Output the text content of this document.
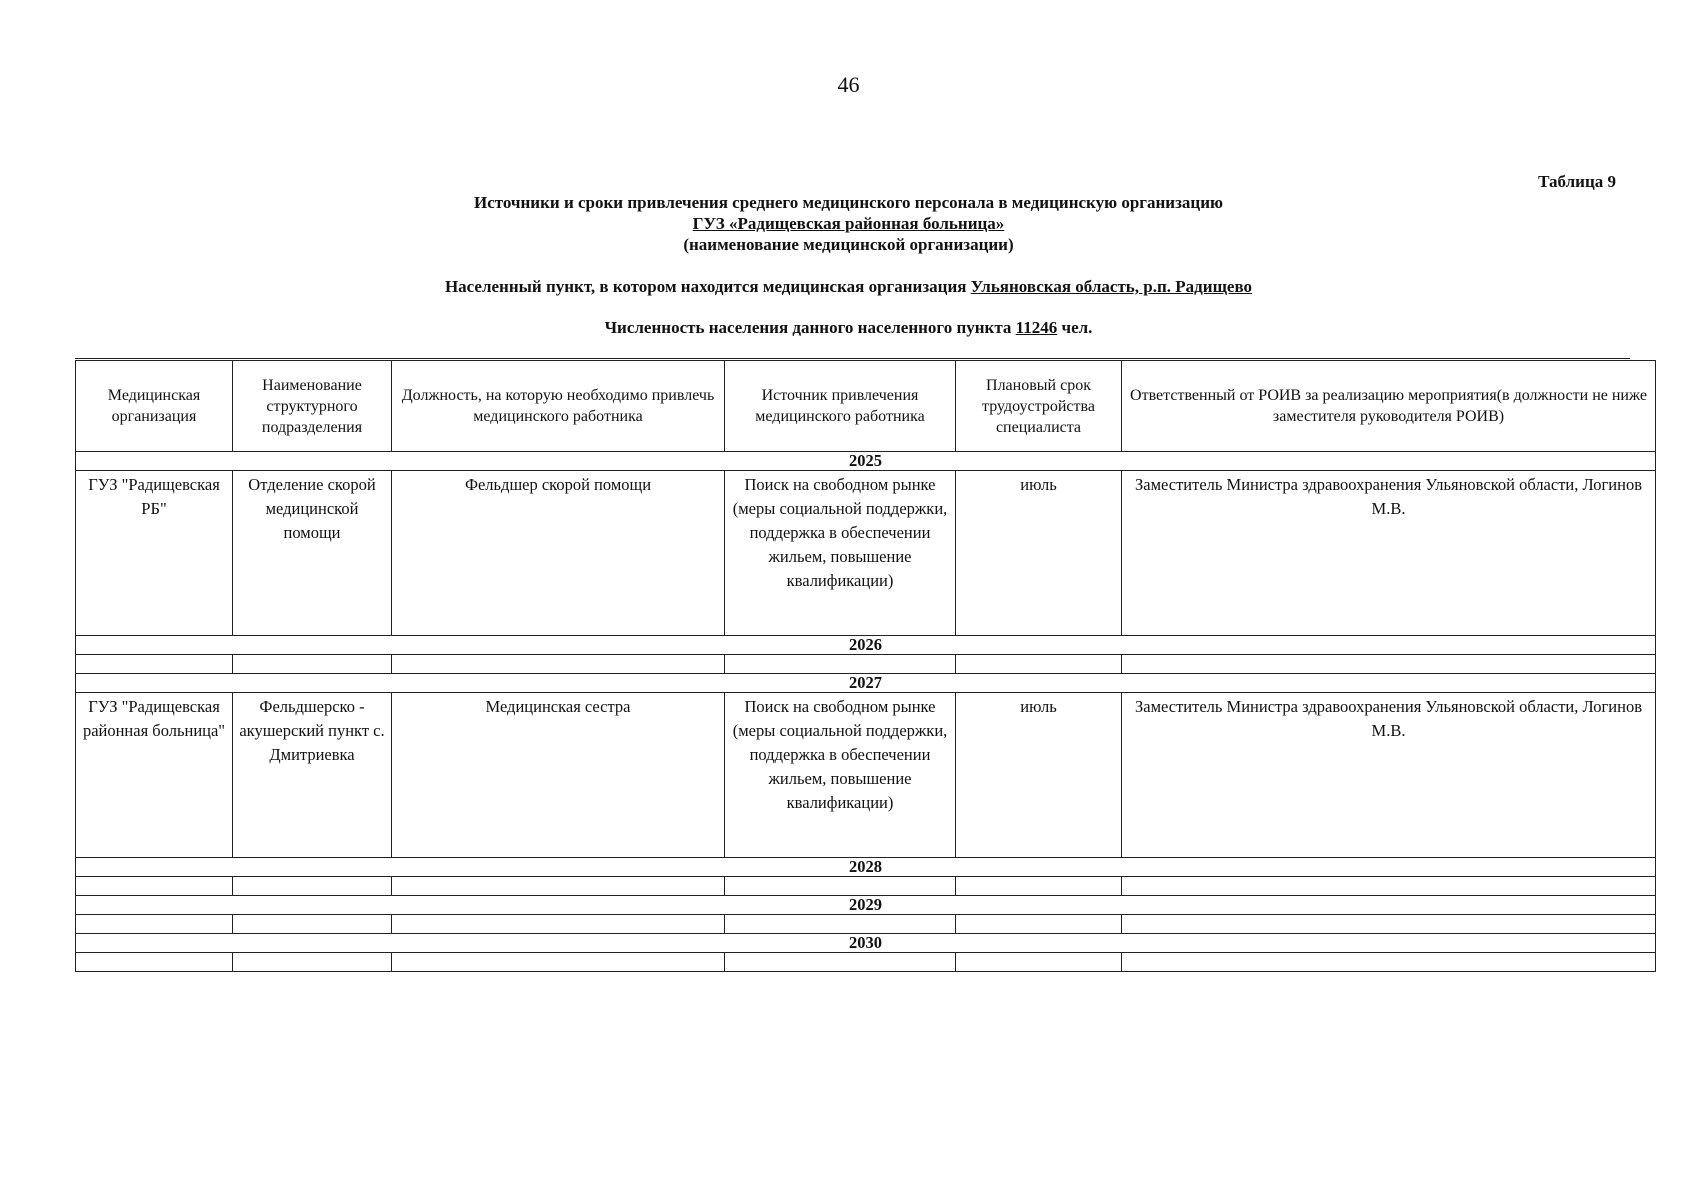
46
Таблица 9
Источники и сроки привлечения среднего медицинского персонала в медицинскую организацию
ГУЗ «Радищевская районная больница»
(наименование медицинской организации)
Населенный пункт, в котором находится медицинская организация Ульяновская область, р.п. Радищево
Численность населения данного населенного пункта 11246 чел.
Медицинская организация	Наименование структурного подразделения	Должность, на которую необходимо привлечь медицинского работника	Источник привлечения медицинского работника	Плановый срок трудоустройства специалиста	Ответственный от РОИВ за реализацию мероприятия(в должности не ниже заместителя руководителя РОИВ)
2025					
ГУЗ "Радищевская РБ"	Отделение скорой медицинской помощи	Фельдшер скорой помощи	Поиск на свободном рынке (меры социальной поддержки, поддержка в обеспечении жильем, повышение квалификации)	июль	Заместитель Министра здравоохранения Ульяновской области, Логинов М.В.
2026					

2027					
ГУЗ "Радищевская районная больница"	Фельдшерско - акушерский пункт с. Дмитриевка	Медицинская сестра	Поиск на свободном рынке (меры социальной поддержки, поддержка в обеспечении жильем, повышение квалификации)	июль	Заместитель Министра здравоохранения Ульяновской области, Логинов М.В.
2028					

2029					

2030					
